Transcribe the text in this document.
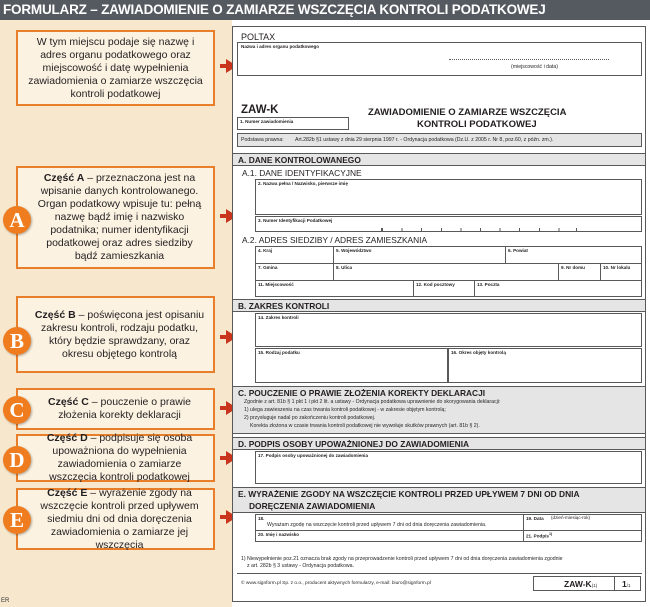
FORMULARZ – ZAWIADOMIENIE O ZAMIARZE WSZCZĘCIA KONTROLI PODATKOWEJ
W tym miejscu podaje się nazwę i adres organu podatkowego oraz miejscowość i datę wypełnienia zawiadomienia o zamiarze wszczęcia kontroli podatkowej
Część A – przeznaczona jest na wpisanie danych kontrolowanego. Organ podatkowy wpisuje tu: pełną nazwę bądź imię i nazwisko podatnika; numer identyfikacji podatkowej oraz adres siedziby bądź zamieszkania
A
Część B – poświęcona jest opisaniu zakresu kontroli, rodzaju podatku, który będzie sprawdzany, oraz okresu objętego kontrolą
B
Część C – pouczenie o prawie złożenia korekty deklaracji
C
Część D – podpisuje się osoba upoważniona do wypełnienia zawiadomienia o zamiarze wszczęcia kontroli podatkowej
D
Część E – wyrażenie zgody na wszczęcie kontroli przed upływem siedmiu dni od dnia doręczenia zawiadomienia o zamiarze jej wszczęcia
E
ER
POLTAX
Nazwa i adres organu podatkowego
(miejscowość i data)
ZAW-K	ZAWIADOMIENIE O ZAMIARZE WSZCZĘCIA
KONTROLI PODATKOWEJ
1. Numer zawiadomienia
Podstawa prawna: Art.282b §1 ustawy z dnia 29 sierpnia 1997 r. - Ordynacja podatkowa (Dz.U. z 2005 r. Nr 8, poz.60, z późn. zm.).
A. DANE KONTROLOWANEGO
A.1. DANE IDENTYFIKACYJNE
2. Nazwa pełna / Nazwisko, pierwsze imię
3. Numer Identyfikacji Podatkowej
A.2. ADRES SIEDZIBY / ADRES ZAMIESZKANIA
4. Kraj	5. Województwo	6. Powiat
7. Gmina	8. Ulica	9. Nr domu	10. Nr lokalu
11. Miejscowość	12. Kod pocztowy	13. Poczta
B. ZAKRES KONTROLI
14. Zakres kontroli
15. Rodzaj podatku	16. Okres objęty kontrolą
C. POUCZENIE O PRAWIE ZŁOŻENIA KOREKTY DEKLARACJI
Zgodnie z art. 81b § 1 pkt 1 i pkt 2 lit. a ustawy - Ordynacja podatkowa uprawnienie do skorygowania deklaracji:
1) ulega zawieszeniu na czas trwania kontroli podatkowej - w zakresie objętym kontrolą;
2) przysługuje nadal po zakończeniu kontroli podatkowej.
Korekta złożona w czasie trwania kontroli podatkowej nie wywołuje skutków prawnych (art. 81b § 2).
D. PODPIS OSOBY UPOWAŻNIONEJ DO ZAWIADOMIENIA
17. Podpis osoby upoważnionej do zawiadomienia
E. WYRAŻENIE ZGODY NA WSZCZĘCIE KONTROLI PRZED UPŁYWEM 7 DNI OD DNIA
DORĘCZENIA ZAWIADOMIENIA
18.
Wyrażam zgodę na wszczęcie kontroli przed upływem 7 dni od dnia doręczenia zawiadomienia.
19. Data (dzień-miesiąc-rok)
20. Imię i nazwisko	21. Podpis$^{1)}$
1) Niewypełnienie poz.21 oznacza brak zgody na przeprowadzenie kontroli przed upływem 7 dni od dnia doręczenia zawiadomienia zgodnie
z art. 282b § 3 ustawy - Ordynacja podatkowa.
© www.signform.pl Sp. z o.o., producent aktywnych formularzy, e-mail: biuro@signform.pl	ZAW-K(1)	1/1
